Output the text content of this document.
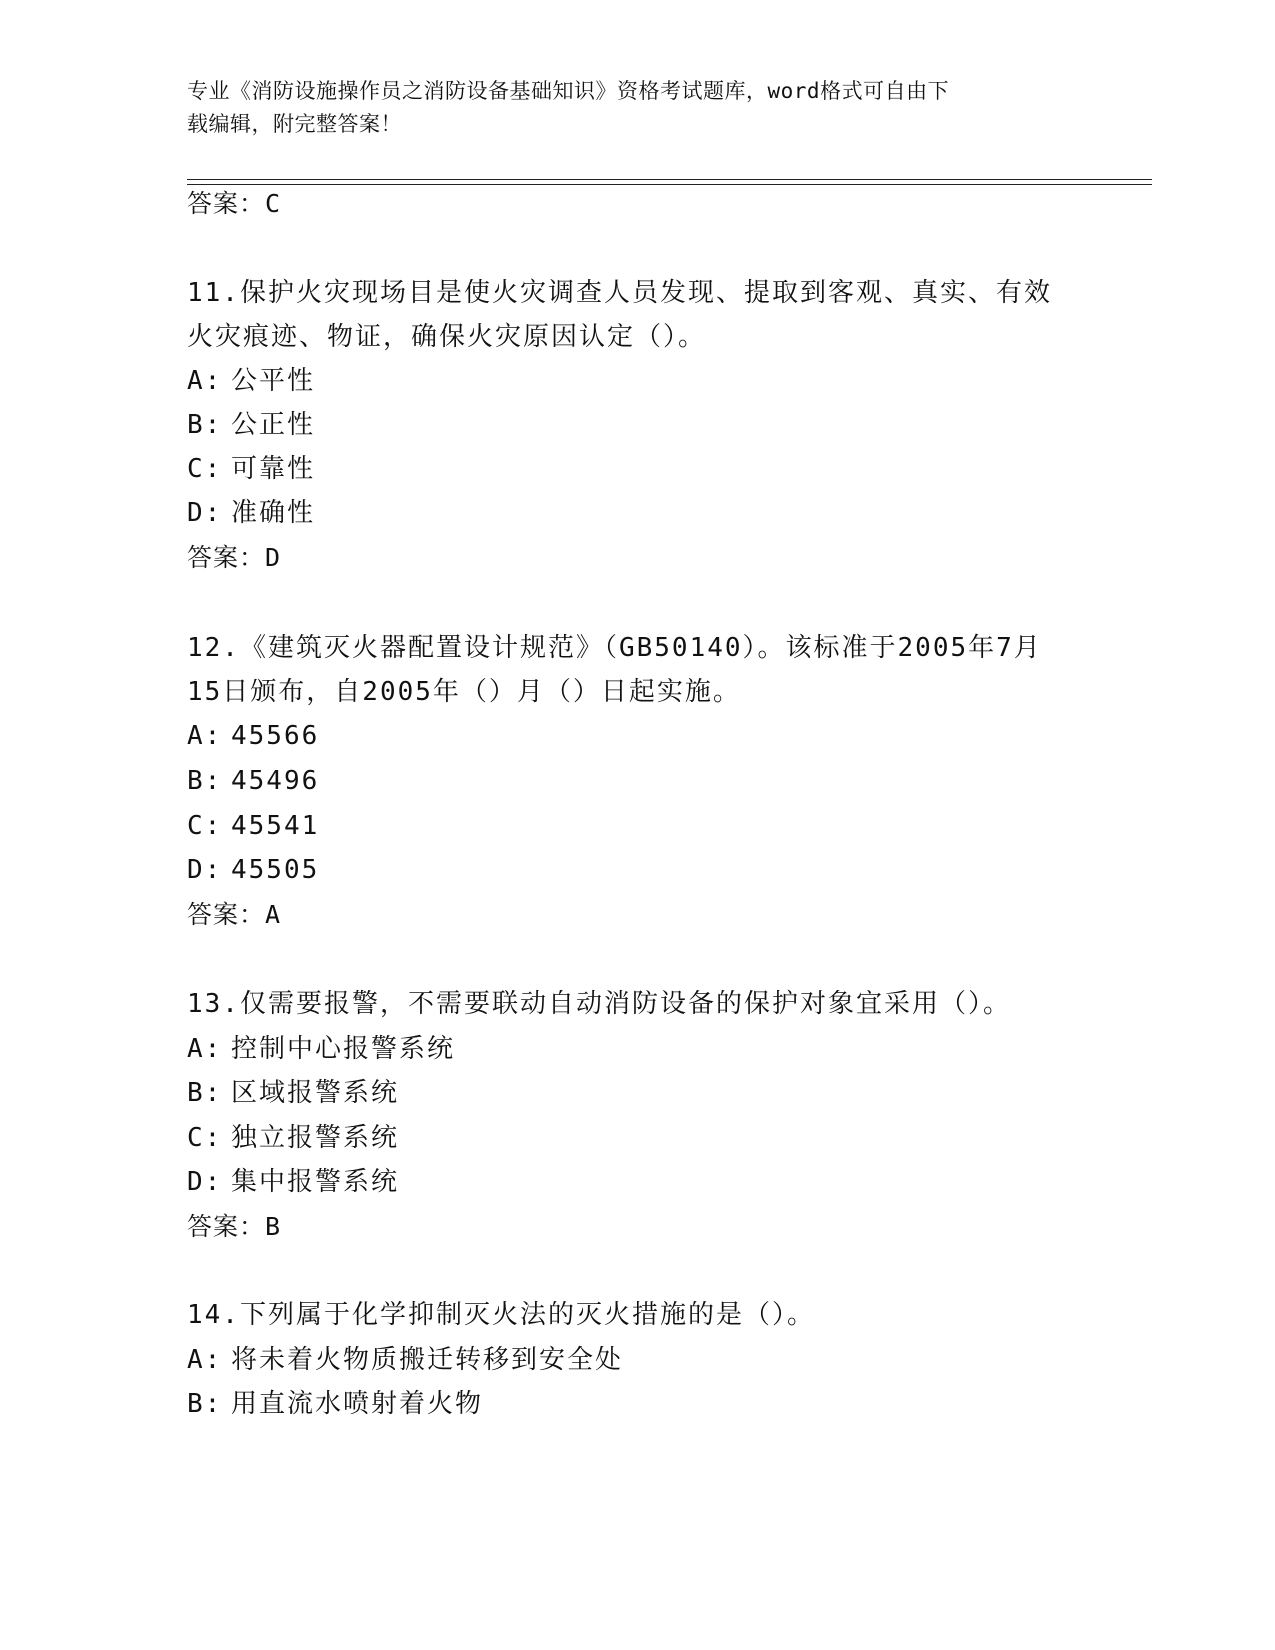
专业《消防设施操作员之消防设备基础知识》资格考试题库，word格式可自由下
载编辑，附完整答案！
答案：C
11.保护火灾现场目是使火灾调查人员发现、提取到客观、真实、有效
火灾痕迹、物证，确保火灾原因认定（）。
A: 公平性
B: 公正性
C: 可靠性
D: 准确性
答案：D
12.《建筑灭火器配置设计规范》（GB50140）。该标准于2005年7月
15日颁布，自2005年（）月（）日起实施。
A: 45566
B: 45496
C: 45541
D: 45505
答案：A
13.仅需要报警，不需要联动自动消防设备的保护对象宜采用（）。
A: 控制中心报警系统
B: 区域报警系统
C: 独立报警系统
D: 集中报警系统
答案：B
14.下列属于化学抑制灭火法的灭火措施的是（）。
A: 将未着火物质搬迁转移到安全处
B: 用直流水喷射着火物
